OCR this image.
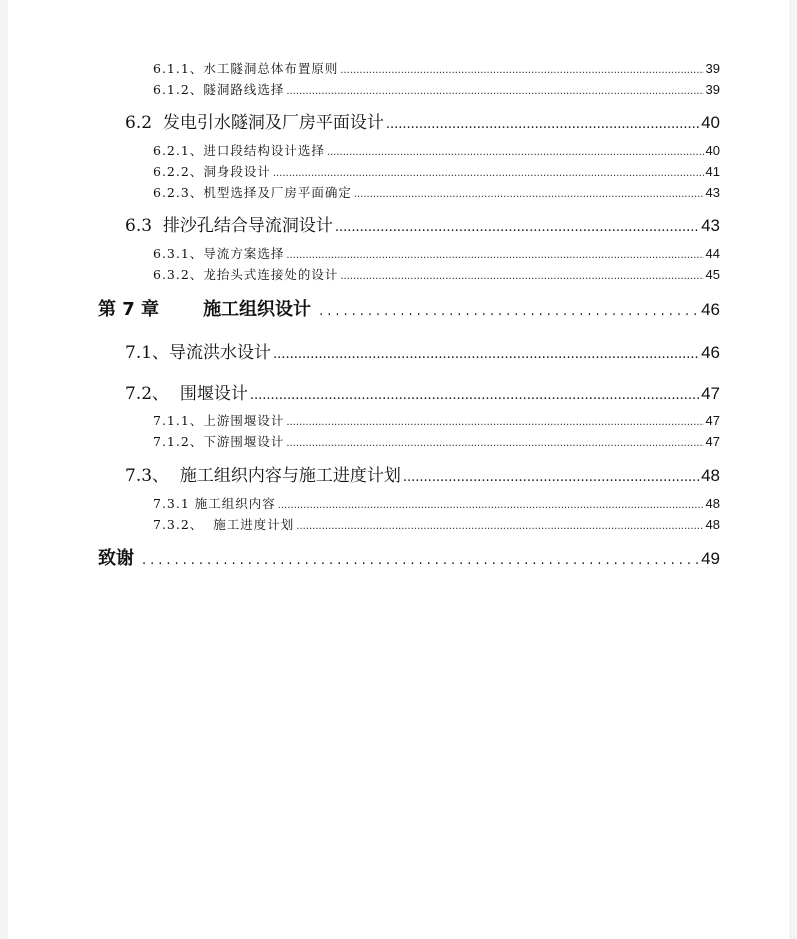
6.1.1、 水工隧洞总体布置原则 .....	39
6.1.2、 隧洞路线选择 .....	39
6.2 发电引水隧洞及厂房平面设计 .....	40
6.2.1、 进口段结构设计选择 .....	40
6.2.2、 洞身段设计 .....	41
6.2.3、 机型选择及厂房平面确定 .....	43
6.3 排沙孔结合导流洞设计 .....	43
6.3.1、 导流方案选择 .....	44
6.3.2、 龙抬头式连接处的设计 .....	45
第 7 章 施工组织设计 .....	46
7.1、 导流洪水设计 .....	46
7.2、 围堰设计 .....	47
7.1.1、 上游围堰设计 .....	47
7.1.2、 下游围堰设计 .....	47
7.3、 施工组织内容与施工进度计划 .....	48
7.3.1 施工组织内容 .....	48
7.3.2、 施工进度计划 .....	48
致谢 .....	49
